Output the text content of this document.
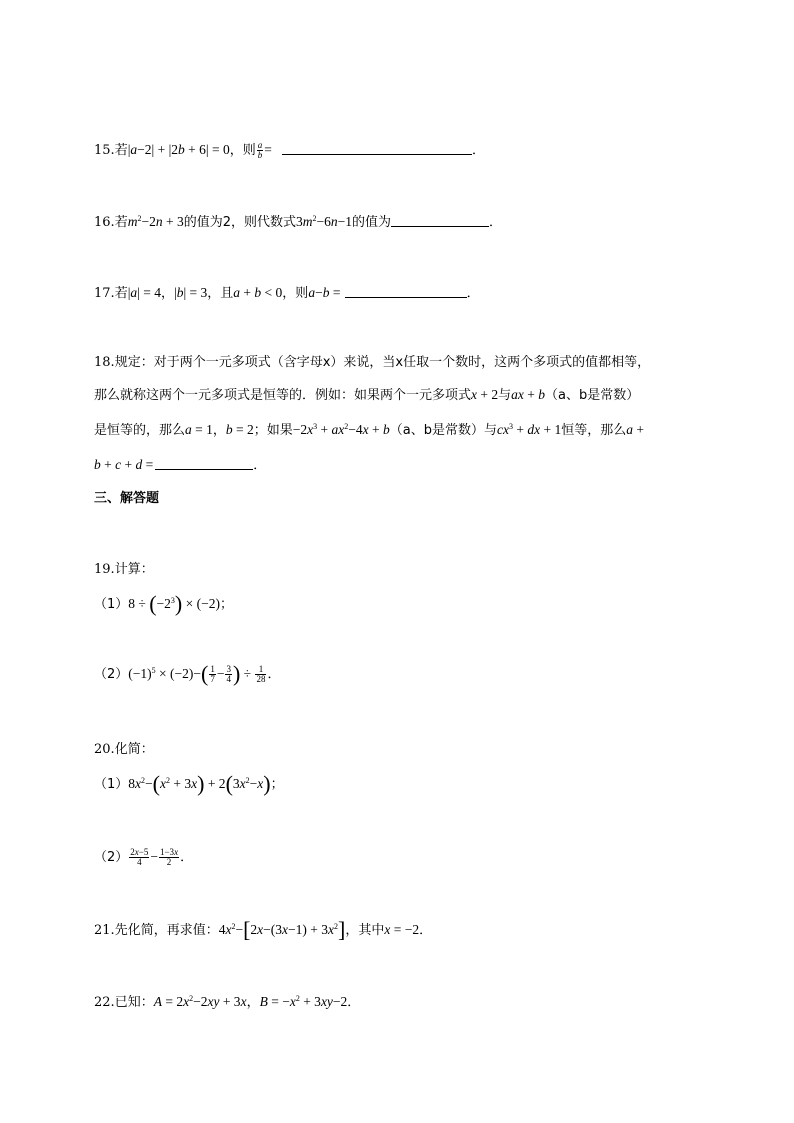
15.若|a−2| + |2b + 6| = 0，则 $\frac{a}{b}$ =	．
16.若$m^2-2n + 3$的值为2，则代数式$3m^2-6n-1$的值为	．
17.若|a| = 4，|b| = 3，且a + b < 0，则a−b =	．
18.规定：对于两个一元多项式（含字母x）来说，当x任取一个数时，这两个多项式的值都相等，
那么就称这两个一元多项式是恒等的．例如：如果两个一元多项式x + 2与ax + b（a、b是常数）
是恒等的，那么a = 1，b = 2；如果$-2x^3 + ax^2-4x + b(a$、b是常数）与$cx^3$ + dx + 1恒等，那么a +
b + c + d =	．
三、解答题
19.计算：
$(1)8 \div (-2^3) \times (-2)$；
$(2)(-1)^5 \times (-2)-( \frac{1}{7} - \frac{3}{4}$ ) ÷ $\frac{1}{28}$ ．
20.化简：
$(1)8x^2-(x^2 + 3x) + 2(3x^2-x)$；
$(2) \frac{2x-5}{4} - \frac{1-3x}{2}$ ．
21.先化简，再求值：$4x^2-[2x-(3x-1) + 3x^2]$，其中x = −2．
22.已知：$A = 2x^2-2xy + 3x$，$B = -x^2 + 3xy-2$．
